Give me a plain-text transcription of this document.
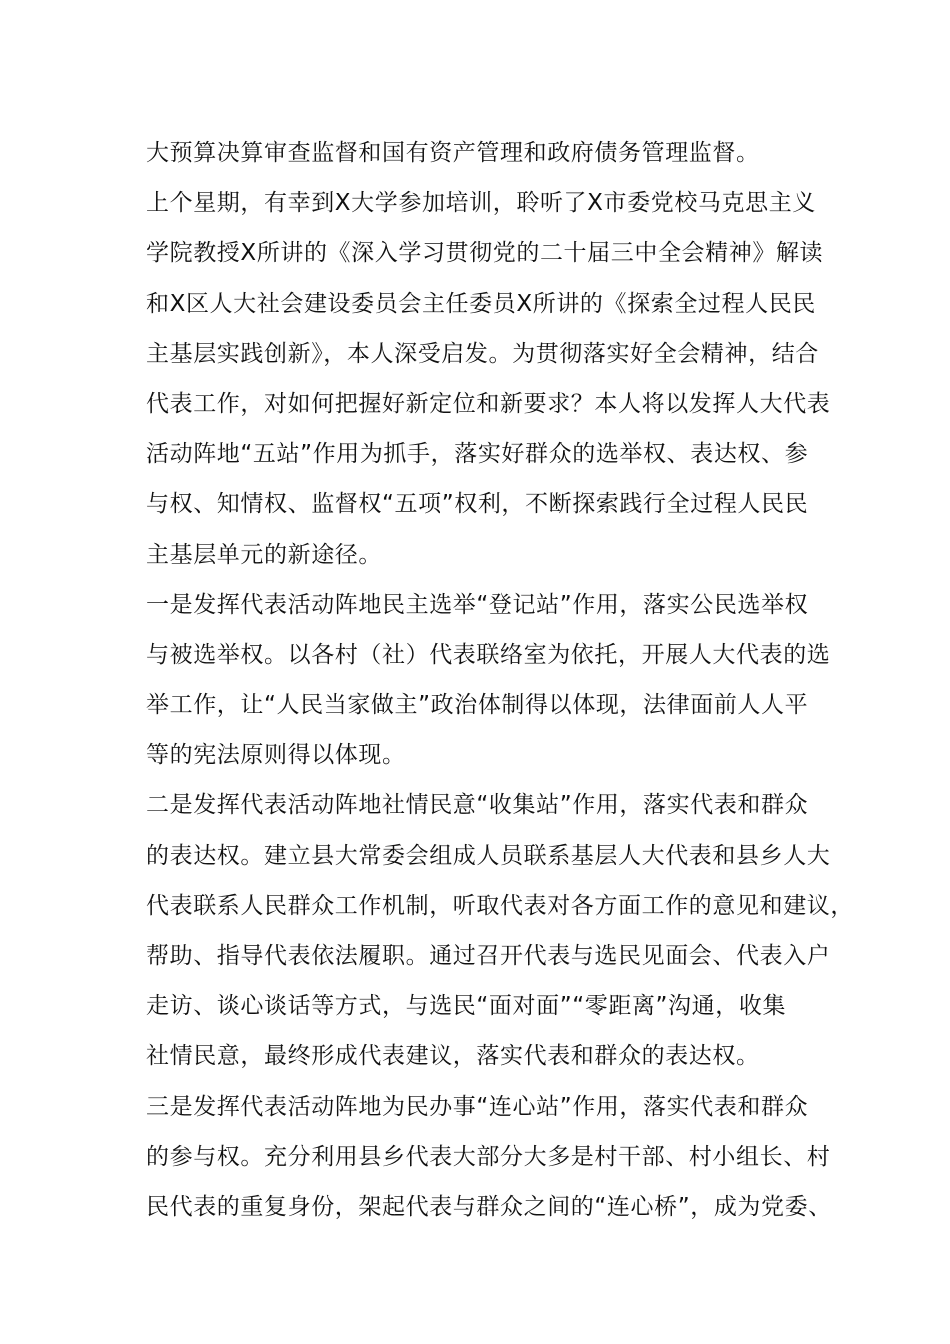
大预算决算审查监督和国有资产管理和政府债务管理监督。
上个星期，有幸到X大学参加培训，聆听了X市委党校马克思主义
学院教授X所讲的《深入学习贯彻党的二十届三中全会精神》解读
和X区人大社会建设委员会主任委员X所讲的《探索全过程人民民
主基层实践创新》，本人深受启发。为贯彻落实好全会精神，结合
代表工作，对如何把握好新定位和新要求？本人将以发挥人大代表
活动阵地“五站”作用为抓手，落实好群众的选举权、表达权、参
与权、知情权、监督权“五项”权利，不断探索践行全过程人民民
主基层单元的新途径。
一是发挥代表活动阵地民主选举“登记站”作用，落实公民选举权
与被选举权。以各村（社）代表联络室为依托，开展人大代表的选
举工作，让“人民当家做主”政治体制得以体现，法律面前人人平
等的宪法原则得以体现。
二是发挥代表活动阵地社情民意“收集站”作用，落实代表和群众
的表达权。建立县大常委会组成人员联系基层人大代表和县乡人大
代表联系人民群众工作机制，听取代表对各方面工作的意见和建议，
帮助、指导代表依法履职。通过召开代表与选民见面会、代表入户
走访、谈心谈话等方式，与选民“面对面”“零距离”沟通，收集
社情民意，最终形成代表建议，落实代表和群众的表达权。
三是发挥代表活动阵地为民办事“连心站”作用，落实代表和群众
的参与权。充分利用县乡代表大部分大多是村干部、村小组长、村
民代表的重复身份，架起代表与群众之间的“连心桥”，成为党委、
